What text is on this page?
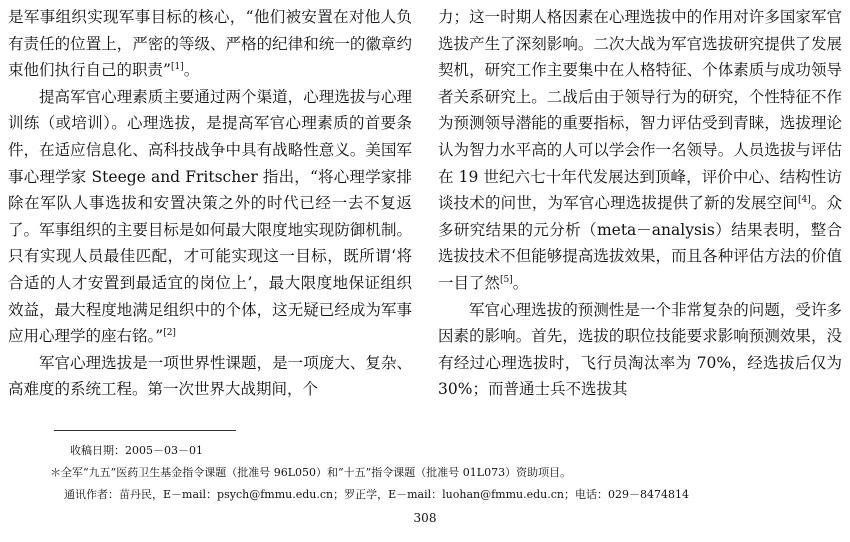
是军事组织实现军事目标的核心，“他们被安置在对他人负有责任的位置上，严密的等级、严格的纪律和统一的徽章约束他们执行自己的职责”[1]。

提高军官心理素质主要通过两个渠道，心理选拔与心理训练（或培训）。心理选拔，是提高军官心理素质的首要条件，在适应信息化、高科技战争中具有战略性意义。美国军事心理学家 Steege and Fritscher 指出，“将心理学家排除在军队人事选拔和安置决策之外的时代已经一去不复返了。军事组织的主要目标是如何最大限度地实现防御机制。只有实现人员最佳匹配，才可能实现这一目标，既所谓‘将合适的人才安置到最适宜的岗位上’，最大限度地保证组织效益，最大程度地满足组织中的个体，这无疑已经成为军事应用心理学的座右铭。”[2]

军官心理选拔是一项世界性课题，是一项庞大、复杂、高难度的系统工程。第一次世界大战期间，个

力；这一时期人格因素在心理选拔中的作用对许多国家军官选拔产生了深刻影响。二次大战为军官选拔研究提供了发展契机，研究工作主要集中在人格特征、个体素质与成功领导者关系研究上。二战后由于领导行为的研究，个性特征不作为预测领导潜能的重要指标，智力评估受到青睐，选拔理论认为智力水平高的人可以学会作一名领导。人员选拔与评估在 19 世纪六七十年代发展达到顶峰，评价中心、结构性访谈技术的问世，为军官心理选拔提供了新的发展空间[4]。众多研究结果的元分析（meta－analysis）结果表明，整合选拔技术不但能够提高选拔效果，而且各种评估方法的价值一目了然[5]。

军官心理选拔的预测性是一个非常复杂的问题，受许多因素的影响。首先，选拔的职位技能要求影响预测效果，没有经过心理选拔时，飞行员淘汰率为 70%，经选拔后仅为 30%；而普通士兵不选拔其

收稿日期：2005－03－01
＊全军“九五”医药卫生基金指令课题（批准号 96L050）和“十五”指令课题（批准号 01L073）资助项目。
通讯作者：苗丹民，E－mail：psych@fmmu.edu.cn；罗正学，E－mail：luohan@fmmu.edu.cn；电话：029－8474814
308
